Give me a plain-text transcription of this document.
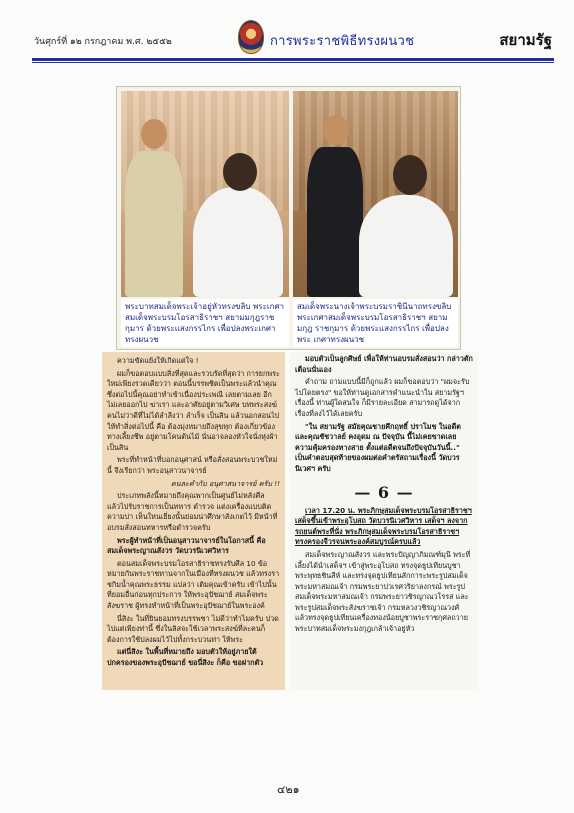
วันศุกร์ที่ ๑๒ กรกฎาคม พ.ศ. ๒๕๕๒	การพระราชพิธีทรงผนวช	สยามรัฐ
พระบาทสมเด็จพระเจ้าอยู่หัวทรงขลิบ พระเกศา สมเด็จพระบรมโอรสาธิราชฯ สยามมกุฎราชกุมาร ด้วยพระแสงกรรไกร เพื่อปลงพระเกศาทรงผนวช
สมเด็จพระนางเจ้าพระบรมราชินีนาถทรงขลิบ พระเกศาสมเด็จพระบรมโอรสาธิราชฯ สยามมกุฎ ราชกุมาร ด้วยพระแสงกรรไกร เพื่อปลงพระ เกศาทรงผนวช
ความขัดแย้งให้เกิดแต่ใจ !
ผมก็ขอตอบแบบสิ่งที่สุดและรวบรัดที่สุดว่า การยกพระใหม่เพียงรวดเดียวว่า ตอนนี้บรรพชิตเป็นพระแล้วนำคุณ ซึ่งต่อไปนี้คุณอย่าทำเข้าเนื่องประเพณี เลยตามเลย อีกไม่เลยออกไป ฆ่าเรา และอาศัยอยู่ตามวิเศษ บทพระสงฆ์คนไม่ว่าดีที่ไม่ได้ลำลีงว่า ลำเร็จ เป็นสิน แล้วนอกสอนไป ให้ทำสิ่งต่อไปนี้ คือ ต้องมุ่งหมายถึงสุขทุก ต้องเกี่ยวข้องทางเลี้ยงชีพ อยู่ตามโคนต้นไม้ นั่นอาจลองหัวใจนั่งหุ่งผ้า เป็นสิน
พระที่ทำหน้าที่บอกอนุศาสน์ หรือสั่งสอนพระบวชใหม่นี้ จึงเรียกว่า พระอนุสาวนาจารย์
คนละคำกับ อนุศาสนาจารย์ ครับ !!
ประเภทพลังนี้หมายถึงคุณพากเป็นศูนย์ไม่หลังศีล แล้วไปรับราชการเป็นทหาร ตำรวจ แต่งเครื่องแบบติดความบ่า เห็นใหนเยี่ยงนั้นย่อมน่าศึกษาสังเกตไว้ มีหน้าที่อบรมสั่งสอนทหารหรือตำรวจครับ
พระผู้ทำหน้าที่เป็นอนุสาวนาจารย์ในโอกาสนี้ คือ สมเด็จพระญาณสังวร วัดบวรนิเวศวิหาร
ตอนสมเด็จพระบรมโอรสาธิราชทรงรับศีล 10 ข้อหมายกันพระราชทานจากในเมืองที่ทรงผนวช แล้วทรงราชกิมน้ำคุณพระธรรม แปลว่า เติมคุณเข้าครับ เข้าไปนั้น ที่ยอมอื่นก่อนทุกประการ ให้พระอุปัชฌาย์ สมเด็จพระสังฆราช ผู้ทรงทำหน้าที่เป็นพระอุปัชฌาย์ในพระองค์
นี่สิงะ ในที่ยินยอมทรงบรรพชา ไม่ดีว่าทำไมครับ ปวดไปแต่เพียงท่านี้ ซึ่งในลิสจะใช้เวลาพระสงฆ์ที่ละคนก็ต้องการใช้ปลงผมไว้ไปทั้งกระบวนท่า ให้พระ
แต่นี่สิงะ ในพื้นที่หมายถึง มอบตัวให้อยู่ภายใต้ปกครองของพระอุปัชฌาย์ ขอนี่สิงะ ก็คือ ขอฝากตัว
มอบตัวเป็นลูกศิษย์ เพื่อให้ท่านอบรมสั่งสอนว่า กล่าวตักเตือนนั่นเอง
คำถาม ถามแบบนี้มีก็ถูกแล้ว ผมก็ขอตอบว่า "ผมจะรับไปโดยตรง" ขอให้ท่านดูเอกสารคำแนะนำใน สยามรัฐฯ เรื่องนี้ ท่านผู้ใดสนใจ ก็มีรายละเอียด สามารถดูได้จากเรื่องที่ลงไว้ได้เลยครับ
"ใน สยามรัฐ สมัยคุณชายคึกฤทธิ์ ปราโมช ในอดีต และคุณชัชวาลย์ คงอุดม ณ ปัจจุบัน นี้ไม่เคยขาดเลยความคุ้มครองทางสาย ตั้งแต่อดีตจนถึงปัจจุบันวันนี้.." เป็นคำตอบสุดท้ายของผมต่อคำตรัสถามเรื่องนี้ วัดบวรนิเวศฯ ครับ
— 6 —
เวลา 17.20 น. พระภิกษุสมเด็จพระบรมโอรสาธิราชฯ เสด็จขึ้นเข้าพระอุโบสถ วัดบวรนิเวศวิหาร เสด็จฯ ลงจากรถยนต์พระที่นั่ง พระภิกษุสมเด็จพระบรมโอรสาธิราชฯ ทรงครองจีวรจนพระองค์สมบูรณ์ครบแล้ว
สมเด็จพระญาณสังวร และพระปัญญาภิมณฑ์มุนี พระที่เลี้ยงได้นำเสด็จฯ เข้าสู่พระอุโบสถ ทรงจุดธูปเทียนบูชาพระพุทธชินสีห์ และทรงจุดธูปเทียนสักการะพระรูปสมเด็จพระมหาสมณเจ้า กรมพระยาปวเรศวริยาลงกรณ์ พระรูปสมเด็จพระมหาสมณเจ้า กรมพระยาวชิรญาณวโรรส และพระรูปสมเด็จพระสังฆราชเจ้า กรมหลวงวชิรญาณวงศ์ แล้วทรงจุดธูปเทียนเครื่องทองน้อยบูชาพระราชกุศลถวายพระบาทสมเด็จพระมงกุฎเกล้าเจ้าอยู่หัว
๔๒๑
